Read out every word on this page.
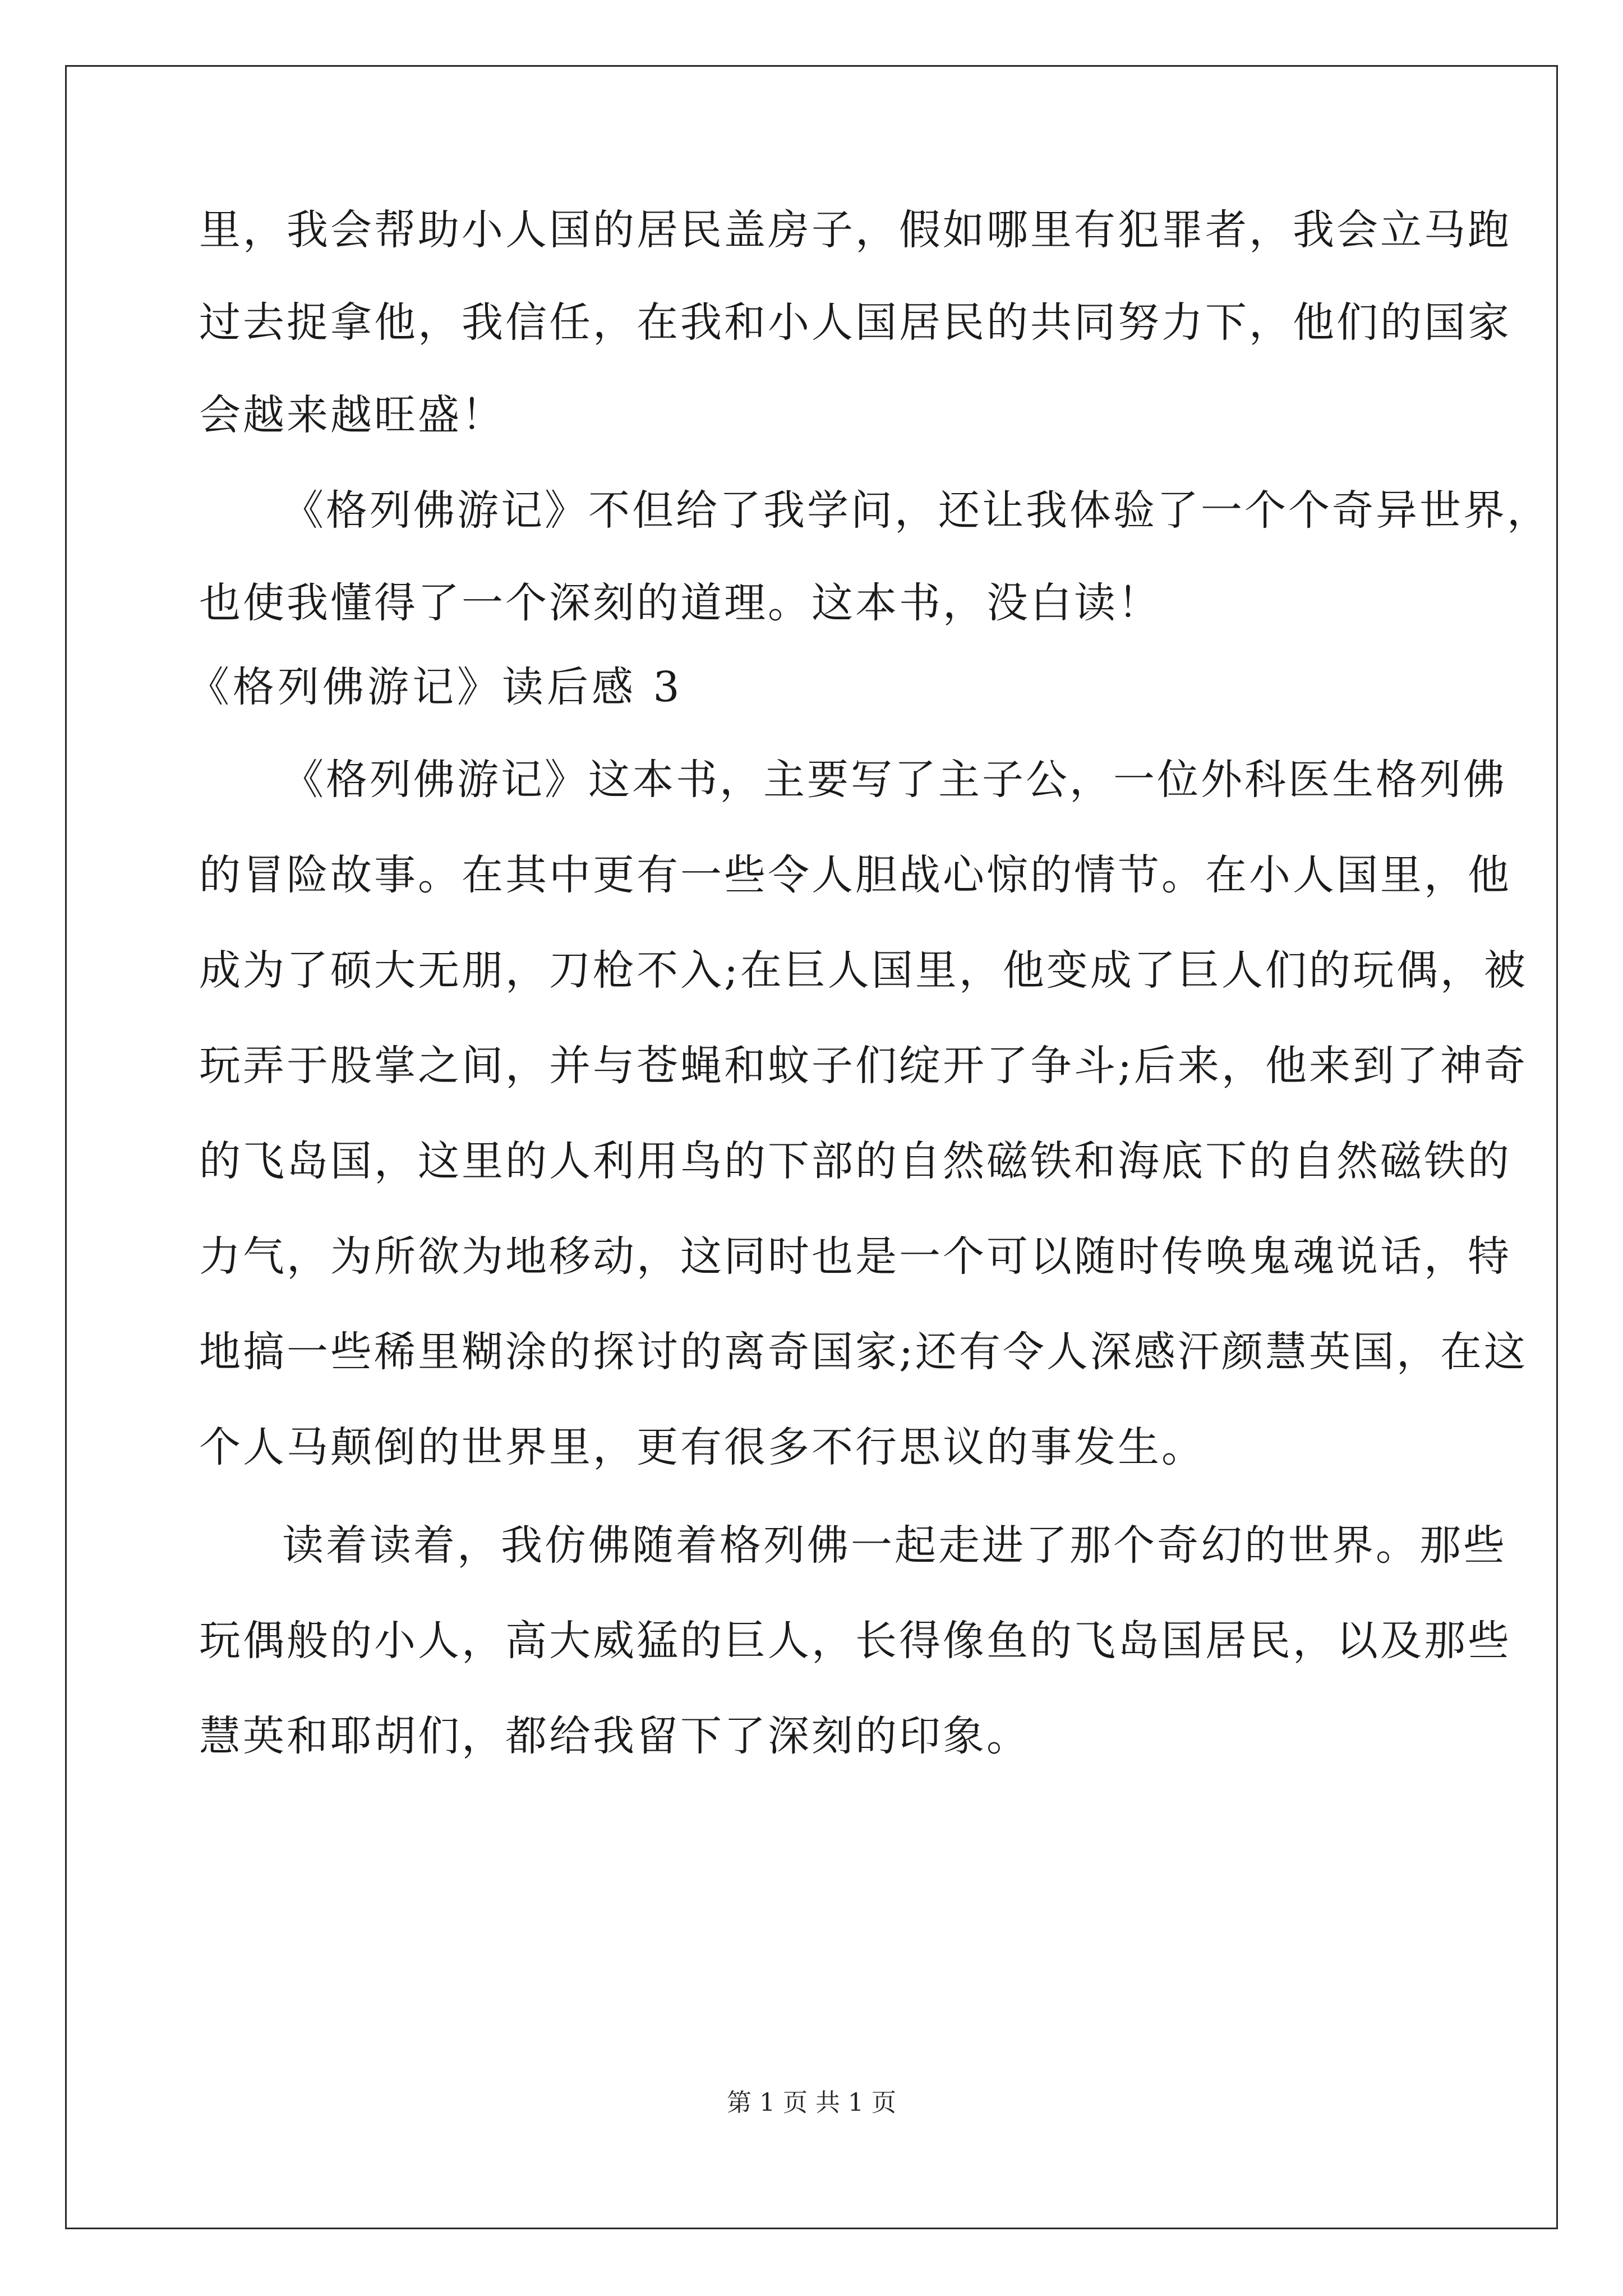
里，我会帮助小人国的居民盖房子，假如哪里有犯罪者，我会立马跑
过去捉拿他，我信任，在我和小人国居民的共同努力下，他们的国家
会越来越旺盛！
《格列佛游记》不但给了我学问，还让我体验了一个个奇异世界，
也使我懂得了一个深刻的道理。这本书，没白读！
《格列佛游记》读后感 3
《格列佛游记》这本书，主要写了主子公，一位外科医生格列佛
的冒险故事。在其中更有一些令人胆战心惊的情节。在小人国里，他
成为了硕大无朋，刀枪不入;在巨人国里，他变成了巨人们的玩偶，被
玩弄于股掌之间，并与苍蝇和蚊子们绽开了争斗;后来，他来到了神奇
的飞岛国，这里的人利用鸟的下部的自然磁铁和海底下的自然磁铁的
力气，为所欲为地移动，这同时也是一个可以随时传唤鬼魂说话，特
地搞一些稀里糊涂的探讨的离奇国家;还有令人深感汗颜慧英国，在这
个人马颠倒的世界里，更有很多不行思议的事发生。
读着读着，我仿佛随着格列佛一起走进了那个奇幻的世界。那些
玩偶般的小人，高大威猛的巨人，长得像鱼的飞岛国居民，以及那些
慧英和耶胡们，都给我留下了深刻的印象。
第 1 页 共 1 页
